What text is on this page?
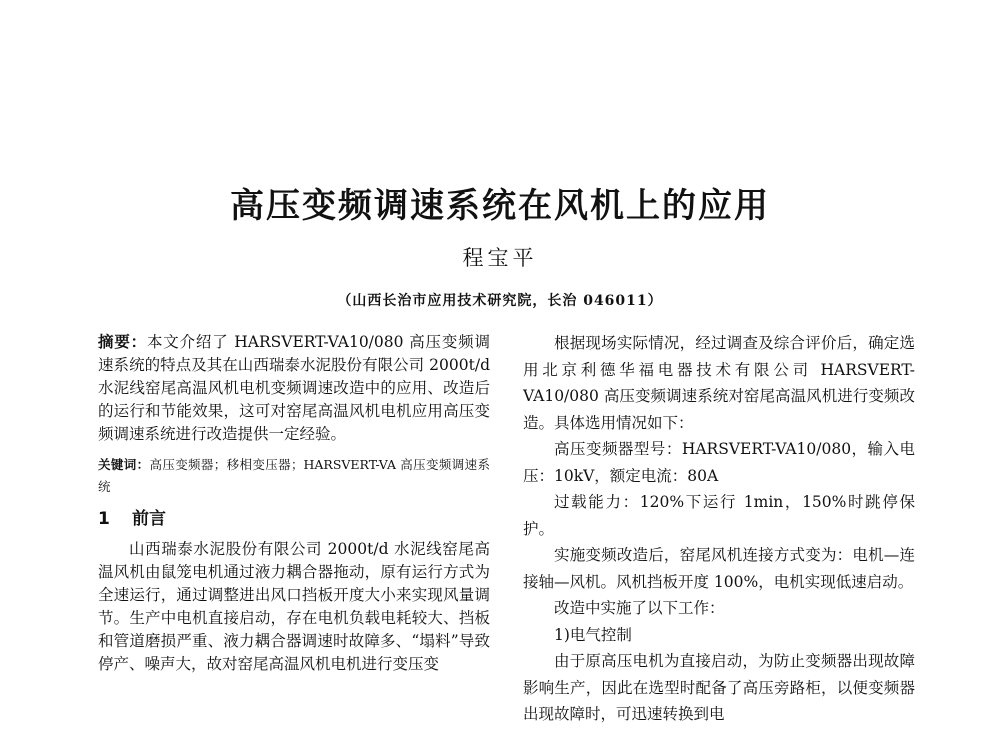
高压变频调速系统在风机上的应用
程宝平
（山西长治市应用技术研究院，长治 046011）

摘要：本文介绍了 HARSVERT-VA10/080 高压变频调速系统的特点及其在山西瑞泰水泥股份有限公司 2000t/d 水泥线窑尾高温风机电机变频调速改造中的应用、改造后的运行和节能效果，这可对窑尾高温风机电机应用高压变频调速系统进行改造提供一定经验。

关键词：高压变频器；移相变压器；HARSVERT-VA 高压变频调速系统

1 前言

山西瑞泰水泥股份有限公司 2000t/d 水泥线窑尾高温风机由鼠笼电机通过液力耦合器拖动，原有运行方式为全速运行，通过调整进出风口挡板开度大小来实现风量调节。生产中电机直接启动，存在电机负载电耗较大、挡板和管道磨损严重、液力耦合器调速时故障多、“塌料”导致停产、噪声大，故对窑尾高温风机电机进行变压变

根据现场实际情况，经过调查及综合评价后，确定选用北京利德华福电器技术有限公司 HARSVERT-VA10/080 高压变频调速系统对窑尾高温风机进行变频改造。具体选用情况如下：

高压变频器型号：HARSVERT-VA10/080，输入电压：10kV，额定电流：80A

过载能力：120%下运行 1min，150%时跳停保护。

实施变频改造后，窑尾风机连接方式变为：电机—连接轴—风机。风机挡板开度 100%，电机实现低速启动。

改造中实施了以下工作：

1)电气控制

由于原高压电机为直接启动，为防止变频器出现故障影响生产，因此在选型时配备了高压旁路柜，以便变频器出现故障时，可迅速转换到电
